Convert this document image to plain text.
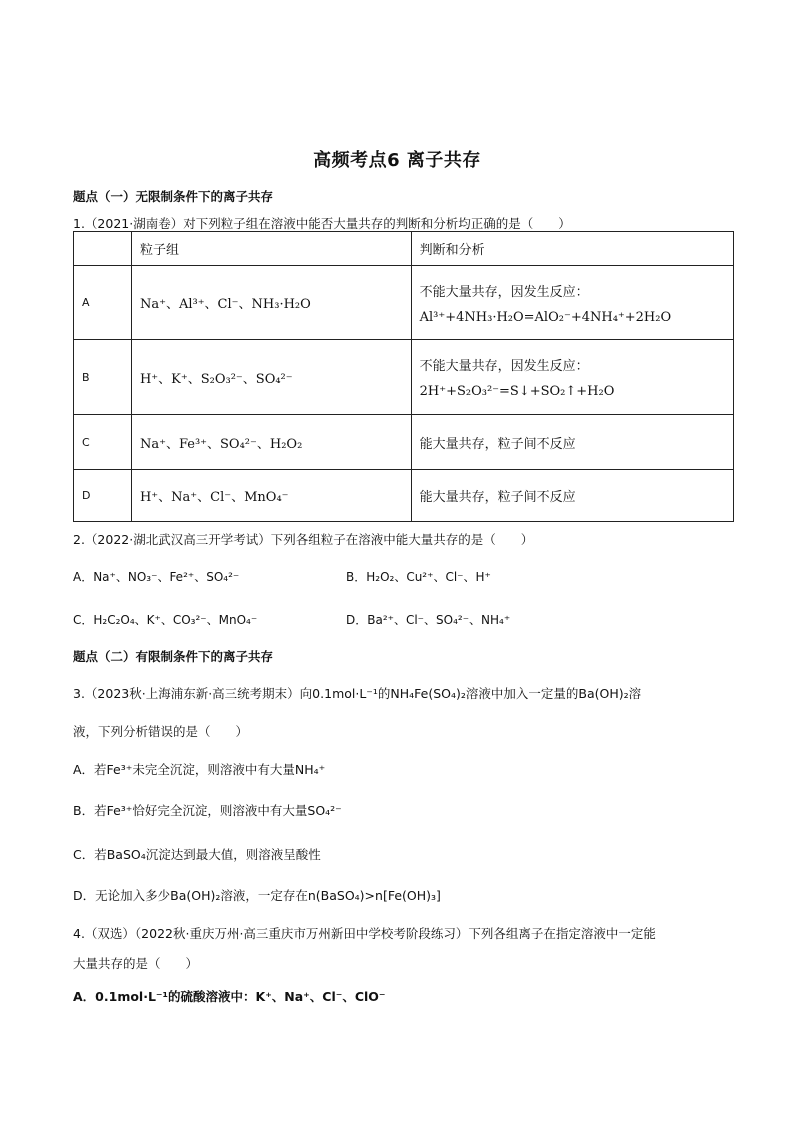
高频考点6 离子共存
题点（一）无限制条件下的离子共存
1.（2021·湖南卷）对下列粒子组在溶液中能否大量共存的判断和分析均正确的是（　　）
	粒子组	判断和分析
A	Na⁺、Al³⁺、Cl⁻、NH₃·H₂O	不能大量共存，因发生反应：
Al³⁺+4NH₃·H₂O=AlO₂⁻+4NH₄⁺+2H₂O

B	H⁺、K⁺、S₂O₃²⁻、SO₄²⁻	不能大量共存，因发生反应：
2H⁺+S₂O₃²⁻=S↓+SO₂↑+H₂O

C	Na⁺、Fe³⁺、SO₄²⁻、H₂O₂	能大量共存，粒子间不反应
D	H⁺、Na⁺、Cl⁻、MnO₄⁻	能大量共存，粒子间不反应
2.（2022·湖北武汉高三开学考试）下列各组粒子在溶液中能大量共存的是（　　）
A．Na⁺、NO₃⁻、Fe²⁺、SO₄²⁻	B．H₂O₂、Cu²⁺、Cl⁻、H⁺
C．H₂C₂O₄、K⁺、CO₃²⁻、MnO₄⁻	D．Ba²⁺、Cl⁻、SO₄²⁻、NH₄⁺
题点（二）有限制条件下的离子共存
3.（2023秋·上海浦东新·高三统考期末）向0.1mol·L⁻¹的NH₄Fe(SO₄)₂溶液中加入一定量的Ba(OH)₂溶
液，下列分析错误的是（　　）
A．若Fe³⁺未完全沉淀，则溶液中有大量NH₄⁺
B．若Fe³⁺恰好完全沉淀，则溶液中有大量SO₄²⁻
C．若BaSO₄沉淀达到最大值，则溶液呈酸性
D．无论加入多少Ba(OH)₂溶液，一定存在n(BaSO₄)>n[Fe(OH)₃]
4.（双选）（2022秋·重庆万州·高三重庆市万州新田中学校考阶段练习）下列各组离子在指定溶液中一定能
大量共存的是（　　）
A．0.1mol·L⁻¹的硫酸溶液中：K⁺、Na⁺、Cl⁻、ClO⁻
